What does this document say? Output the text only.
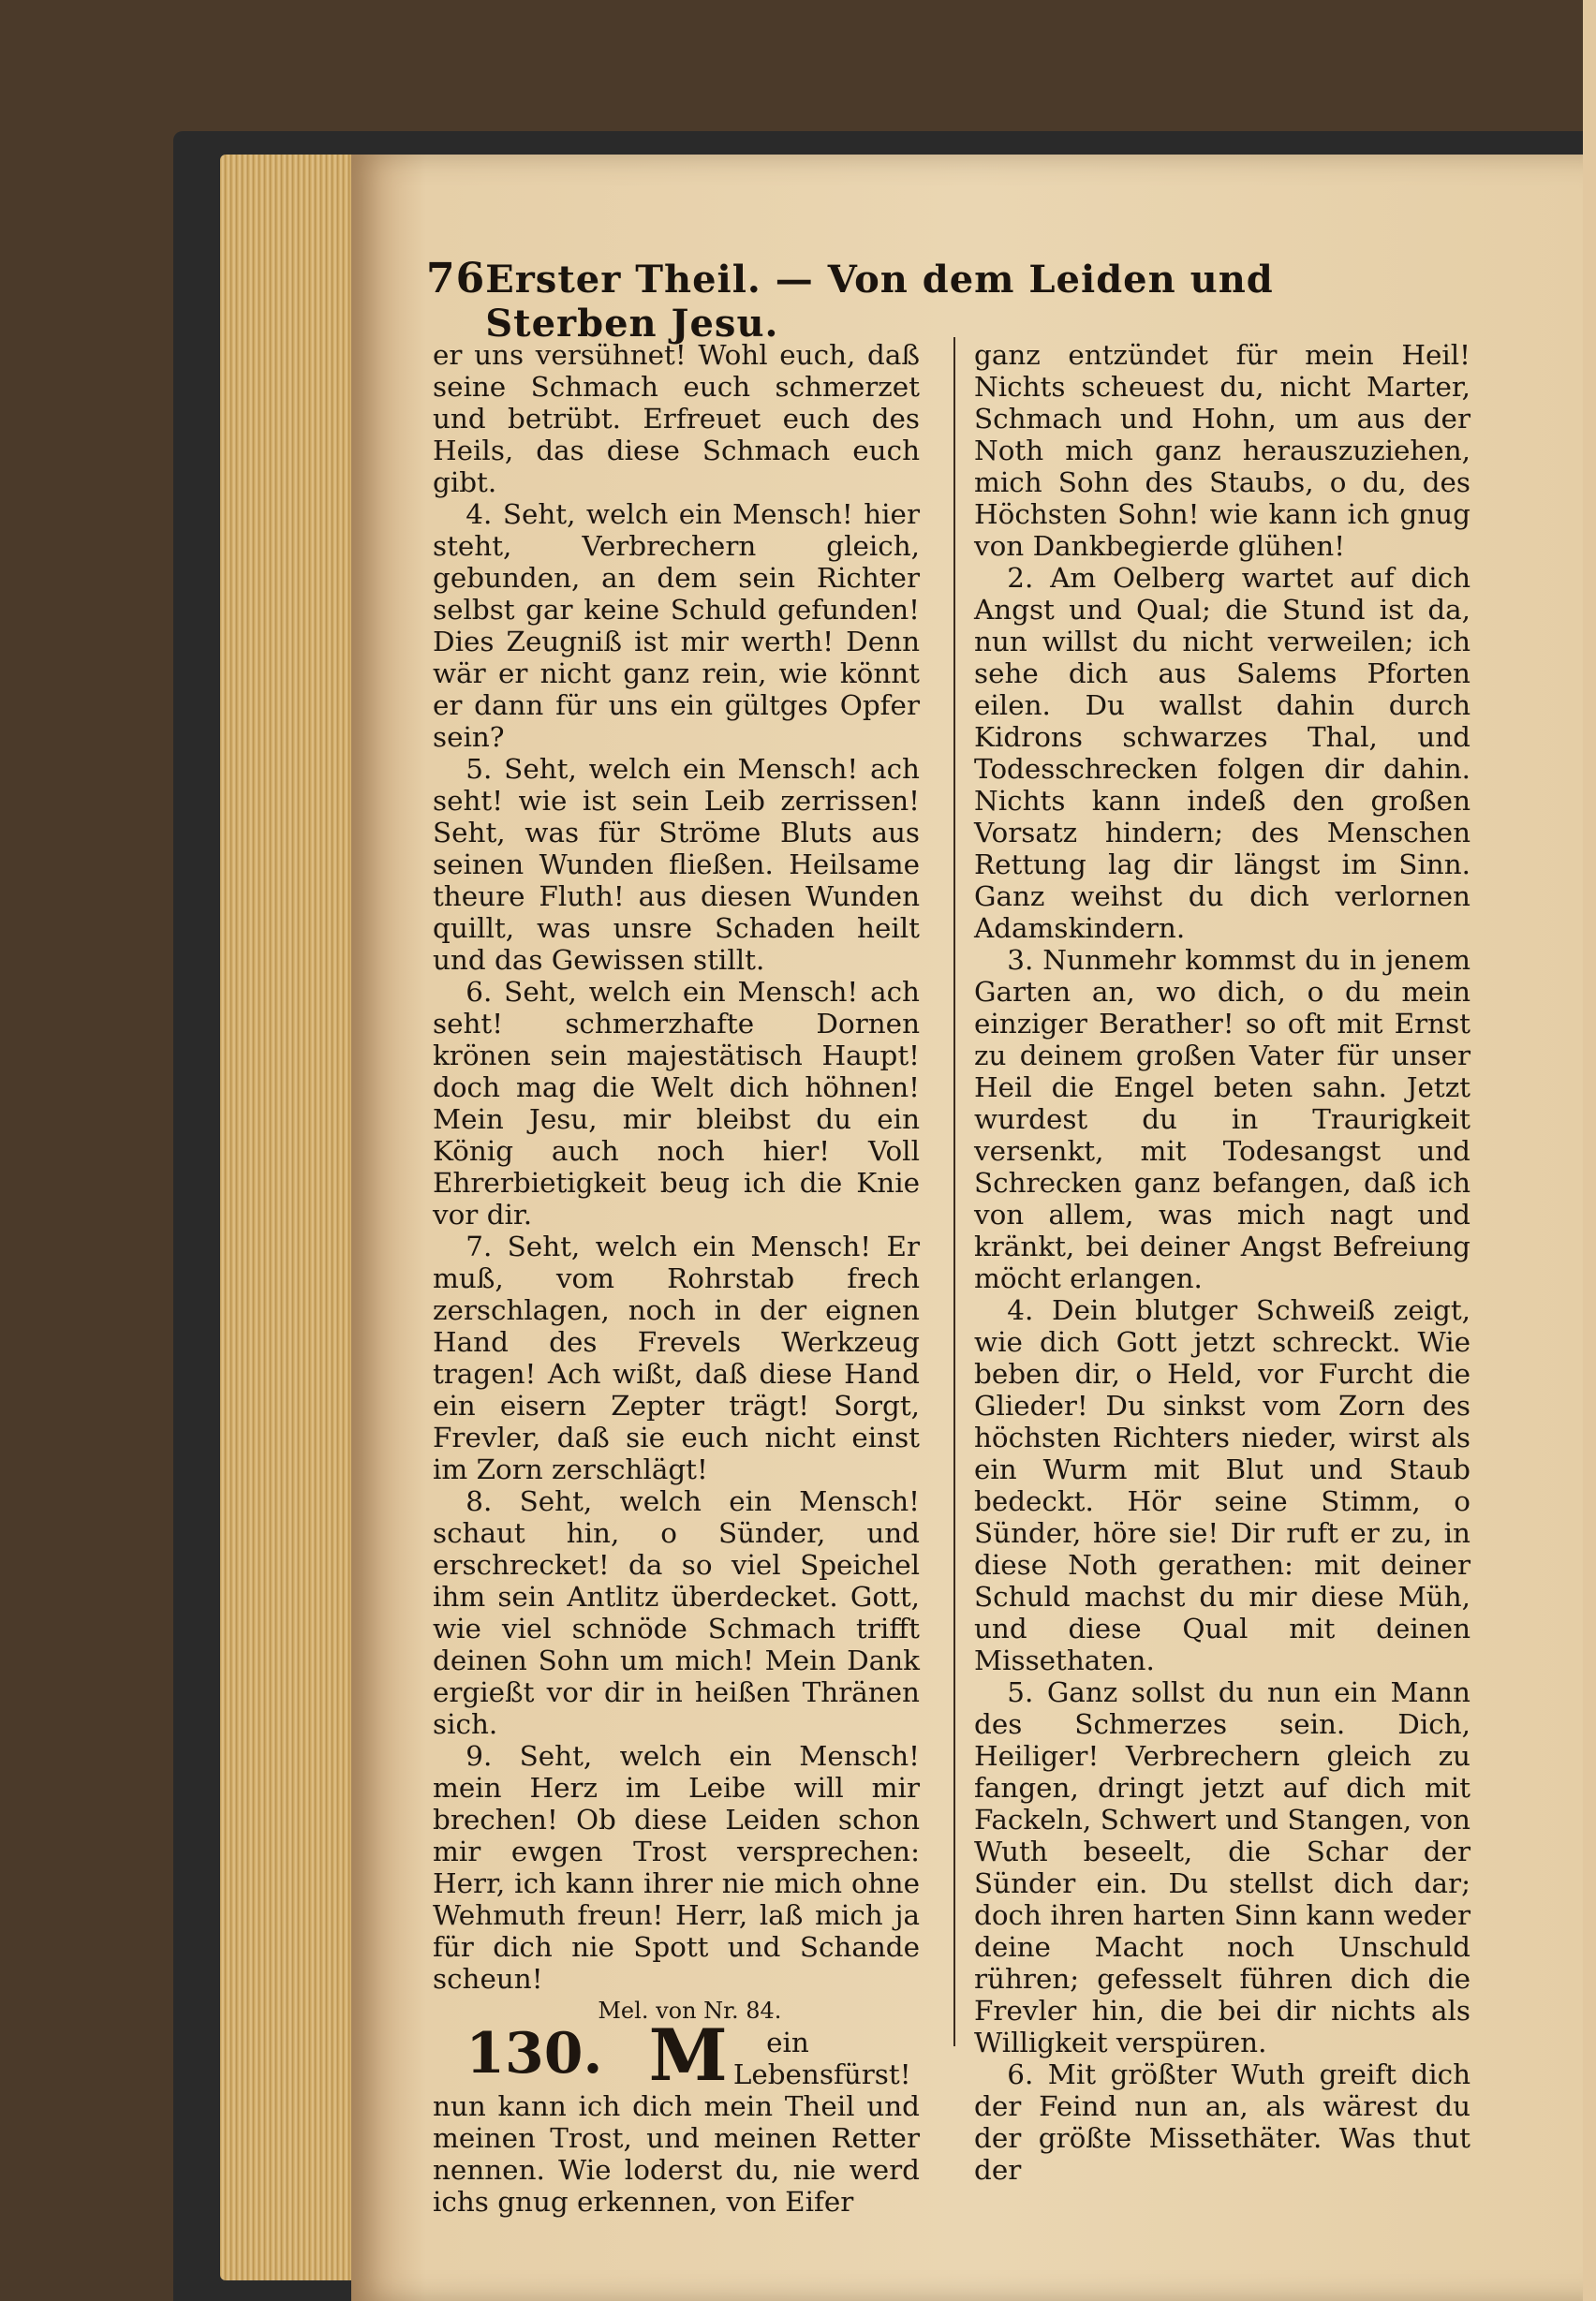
76 Erster Theil. — Von dem Leiden und Sterben Jesu.

er uns versühnet! Wohl euch, daß seine Schmach euch schmerzet und betrübt. Erfreuet euch des Heils, das diese Schmach euch gibt.

4. Seht, welch ein Mensch! hier steht, Verbrechern gleich, gebunden, an dem sein Richter selbst gar keine Schuld gefunden! Dies Zeugniß ist mir werth! Denn wär er nicht ganz rein, wie könnt er dann für uns ein gültges Opfer sein?

5. Seht, welch ein Mensch! ach seht! wie ist sein Leib zerrissen! Seht, was für Ströme Bluts aus seinen Wunden fließen. Heilsame theure Fluth! aus diesen Wunden quillt, was unsre Schaden heilt und das Gewissen stillt.

6. Seht, welch ein Mensch! ach seht! schmerzhafte Dornen krönen sein majestätisch Haupt! doch mag die Welt dich höhnen! Mein Jesu, mir bleibst du ein König auch noch hier! Voll Ehrerbietigkeit beug ich die Knie vor dir.

7. Seht, welch ein Mensch! Er muß, vom Rohrstab frech zerschlagen, noch in der eignen Hand des Frevels Werkzeug tragen! Ach wißt, daß diese Hand ein eisern Zepter trägt! Sorgt, Frevler, daß sie euch nicht einst im Zorn zerschlägt!

8. Seht, welch ein Mensch! schaut hin, o Sünder, und erschrecket! da so viel Speichel ihm sein Antlitz überdecket. Gott, wie viel schnöde Schmach trifft deinen Sohn um mich! Mein Dank ergießt vor dir in heißen Thränen sich.

9. Seht, welch ein Mensch! mein Herz im Leibe will mir brechen! Ob diese Leiden schon mir ewgen Trost versprechen: Herr, ich kann ihrer nie mich ohne Wehmuth freun! Herr, laß mich ja für dich nie Spott und Schande scheun!

Mel. von Nr. 84.

130. M ein Lebensfürst! nun kann ich dich mein Theil und meinen Trost, und meinen Retter nennen. Wie loderst du, nie werd ichs gnug erkennen, von Eifer

ganz entzündet für mein Heil! Nichts scheuest du, nicht Marter, Schmach und Hohn, um aus der Noth mich ganz herauszuziehen, mich Sohn des Staubs, o du, des Höchsten Sohn! wie kann ich gnug von Dankbegierde glühen!

2. Am Oelberg wartet auf dich Angst und Qual; die Stund ist da, nun willst du nicht verweilen; ich sehe dich aus Salems Pforten eilen. Du wallst dahin durch Kidrons schwarzes Thal, und Todesschrecken folgen dir dahin. Nichts kann indeß den großen Vorsatz hindern; des Menschen Rettung lag dir längst im Sinn. Ganz weihst du dich verlornen Adamskindern.

3. Nunmehr kommst du in jenem Garten an, wo dich, o du mein einziger Berather! so oft mit Ernst zu deinem großen Vater für unser Heil die Engel beten sahn. Jetzt wurdest du in Traurigkeit versenkt, mit Todesangst und Schrecken ganz befangen, daß ich von allem, was mich nagt und kränkt, bei deiner Angst Befreiung möcht erlangen.

4. Dein blutger Schweiß zeigt, wie dich Gott jetzt schreckt. Wie beben dir, o Held, vor Furcht die Glieder! Du sinkst vom Zorn des höchsten Richters nieder, wirst als ein Wurm mit Blut und Staub bedeckt. Hör seine Stimm, o Sünder, höre sie! Dir ruft er zu, in diese Noth gerathen: mit deiner Schuld machst du mir diese Müh, und diese Qual mit deinen Missethaten.

5. Ganz sollst du nun ein Mann des Schmerzes sein. Dich, Heiliger! Verbrechern gleich zu fangen, dringt jetzt auf dich mit Fackeln, Schwert und Stangen, von Wuth beseelt, die Schar der Sünder ein. Du stellst dich dar; doch ihren harten Sinn kann weder deine Macht noch Unschuld rühren; gefesselt führen dich die Frevler hin, die bei dir nichts als Willigkeit verspüren.

6. Mit größter Wuth greift dich der Feind nun an, als wärest du der größte Missethäter. Was thut der
